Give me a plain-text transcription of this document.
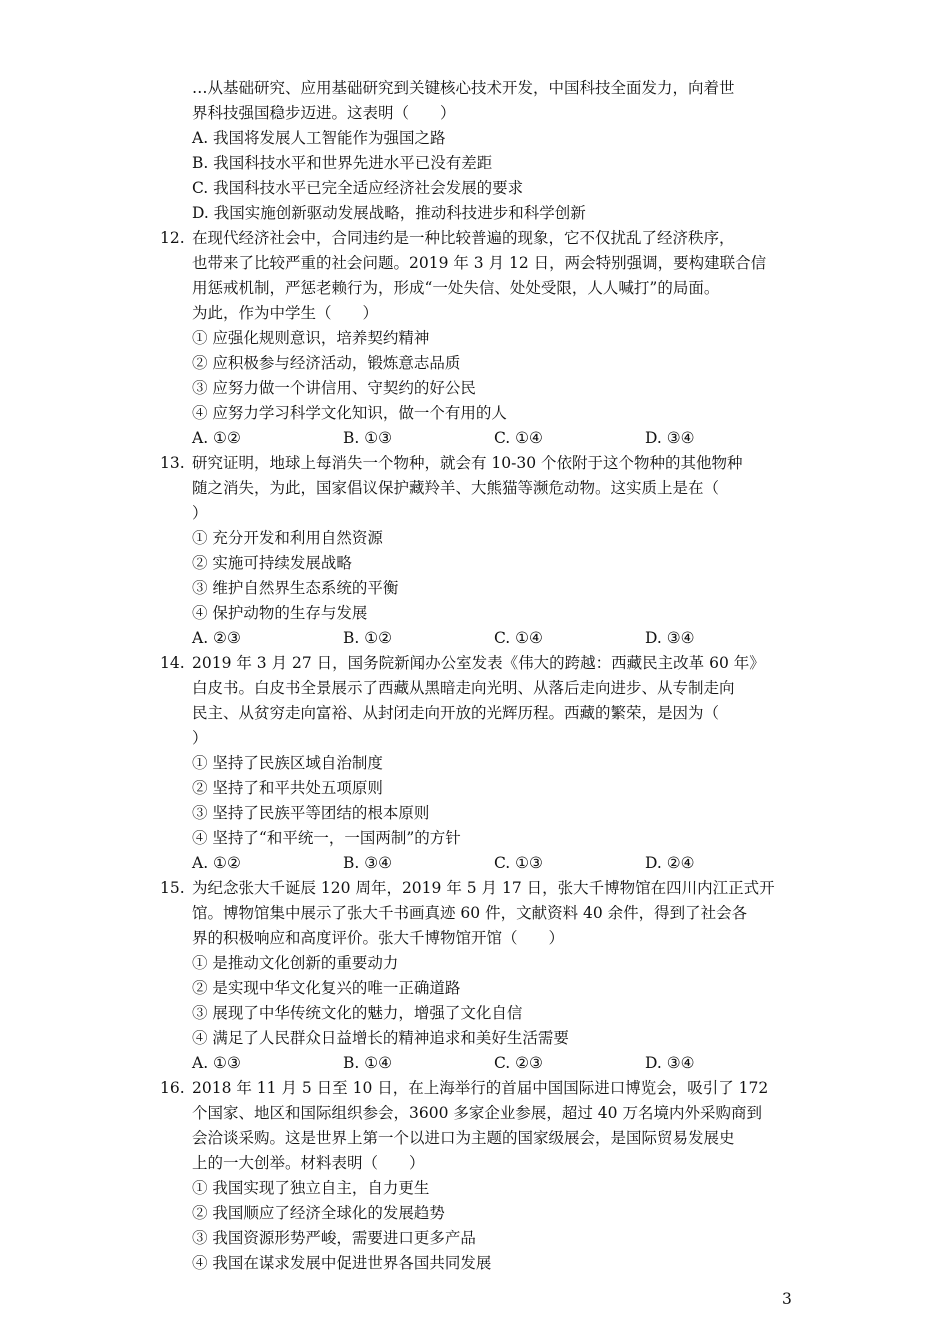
…从基础研究、应用基础研究到关键核心技术开发，中国科技全面发力，向着世
界科技强国稳步迈进。这表明（　　）
A. 我国将发展人工智能作为强国之路
B. 我国科技水平和世界先进水平已没有差距
C. 我国科技水平已完全适应经济社会发展的要求
D. 我国实施创新驱动发展战略，推动科技进步和科学创新
12. 在现代经济社会中，合同违约是一种比较普遍的现象，它不仅扰乱了经济秩序，
也带来了比较严重的社会问题。2019 年 3 月 12 日，两会特别强调，要构建联合信
用惩戒机制，严惩老赖行为，形成“一处失信、处处受限，人人喊打”的局面。
为此，作为中学生（　　）
① 应强化规则意识，培养契约精神
② 应积极参与经济活动，锻炼意志品质
③ 应努力做一个讲信用、守契约的好公民
④ 应努力学习科学文化知识，做一个有用的人
A. ①②	B. ①③	C. ①④	D. ③④
13. 研究证明，地球上每消失一个物种，就会有 10-30 个依附于这个物种的其他物种
随之消失，为此，国家倡议保护藏羚羊、大熊猫等濒危动物。这实质上是在（
）
① 充分开发和利用自然资源
② 实施可持续发展战略
③ 维护自然界生态系统的平衡
④ 保护动物的生存与发展
A. ②③	B. ①②	C. ①④	D. ③④
14. 2019 年 3 月 27 日，国务院新闻办公室发表《伟大的跨越：西藏民主改革 60 年》
白皮书。白皮书全景展示了西藏从黑暗走向光明、从落后走向进步、从专制走向
民主、从贫穷走向富裕、从封闭走向开放的光辉历程。西藏的繁荣，是因为（
）
① 坚持了民族区域自治制度
② 坚持了和平共处五项原则
③ 坚持了民族平等团结的根本原则
④ 坚持了“和平统一，一国两制”的方针
A. ①②	B. ③④	C. ①③	D. ②④
15. 为纪念张大千诞辰 120 周年，2019 年 5 月 17 日，张大千博物馆在四川内江正式开
馆。博物馆集中展示了张大千书画真迹 60 件，文献资料 40 余件，得到了社会各
界的积极响应和高度评价。张大千博物馆开馆（　　）
① 是推动文化创新的重要动力
② 是实现中华文化复兴的唯一正确道路
③ 展现了中华传统文化的魅力，增强了文化自信
④ 满足了人民群众日益增长的精神追求和美好生活需要
A. ①③	B. ①④	C. ②③	D. ③④
16. 2018 年 11 月 5 日至 10 日，在上海举行的首届中国国际进口博览会，吸引了 172
个国家、地区和国际组织参会，3600 多家企业参展，超过 40 万名境内外采购商到
会洽谈采购。这是世界上第一个以进口为主题的国家级展会，是国际贸易发展史
上的一大创举。材料表明（　　）
① 我国实现了独立自主，自力更生
② 我国顺应了经济全球化的发展趋势
③ 我国资源形势严峻，需要进口更多产品
④ 我国在谋求发展中促进世界各国共同发展
3
